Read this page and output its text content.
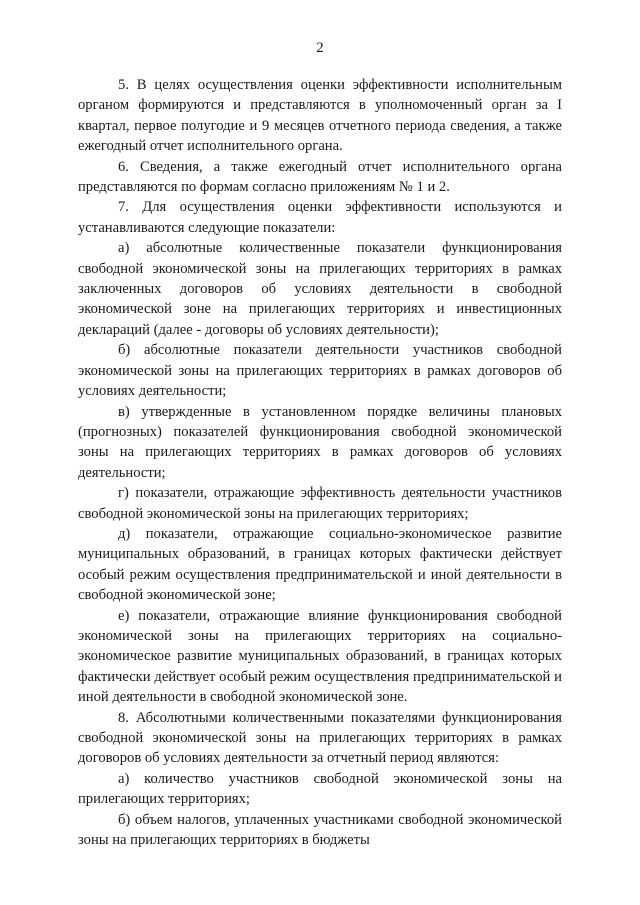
2

5. В целях осуществления оценки эффективности исполнительным органом формируются и представляются в уполномоченный орган за I квартал, первое полугодие и 9 месяцев отчетного периода сведения, а также ежегодный отчет исполнительного органа.

6. Сведения, а также ежегодный отчет исполнительного органа представляются по формам согласно приложениям № 1 и 2.

7. Для осуществления оценки эффективности используются и устанавливаются следующие показатели:

а) абсолютные количественные показатели функционирования свободной экономической зоны на прилегающих территориях в рамках заключенных договоров об условиях деятельности в свободной экономической зоне на прилегающих территориях и инвестиционных деклараций (далее - договоры об условиях деятельности);

б) абсолютные показатели деятельности участников свободной экономической зоны на прилегающих территориях в рамках договоров об условиях деятельности;

в) утвержденные в установленном порядке величины плановых (прогнозных) показателей функционирования свободной экономической зоны на прилегающих территориях в рамках договоров об условиях деятельности;

г) показатели, отражающие эффективность деятельности участников свободной экономической зоны на прилегающих территориях;

д) показатели, отражающие социально-экономическое развитие муниципальных образований, в границах которых фактически действует особый режим осуществления предпринимательской и иной деятельности в свободной экономической зоне;

е) показатели, отражающие влияние функционирования свободной экономической зоны на прилегающих территориях на социально-экономическое развитие муниципальных образований, в границах которых фактически действует особый режим осуществления предпринимательской и иной деятельности в свободной экономической зоне.

8. Абсолютными количественными показателями функционирования свободной экономической зоны на прилегающих территориях в рамках договоров об условиях деятельности за отчетный период являются:

а) количество участников свободной экономической зоны на прилегающих территориях;

б) объем налогов, уплаченных участниками свободной экономической зоны на прилегающих территориях в бюджеты
